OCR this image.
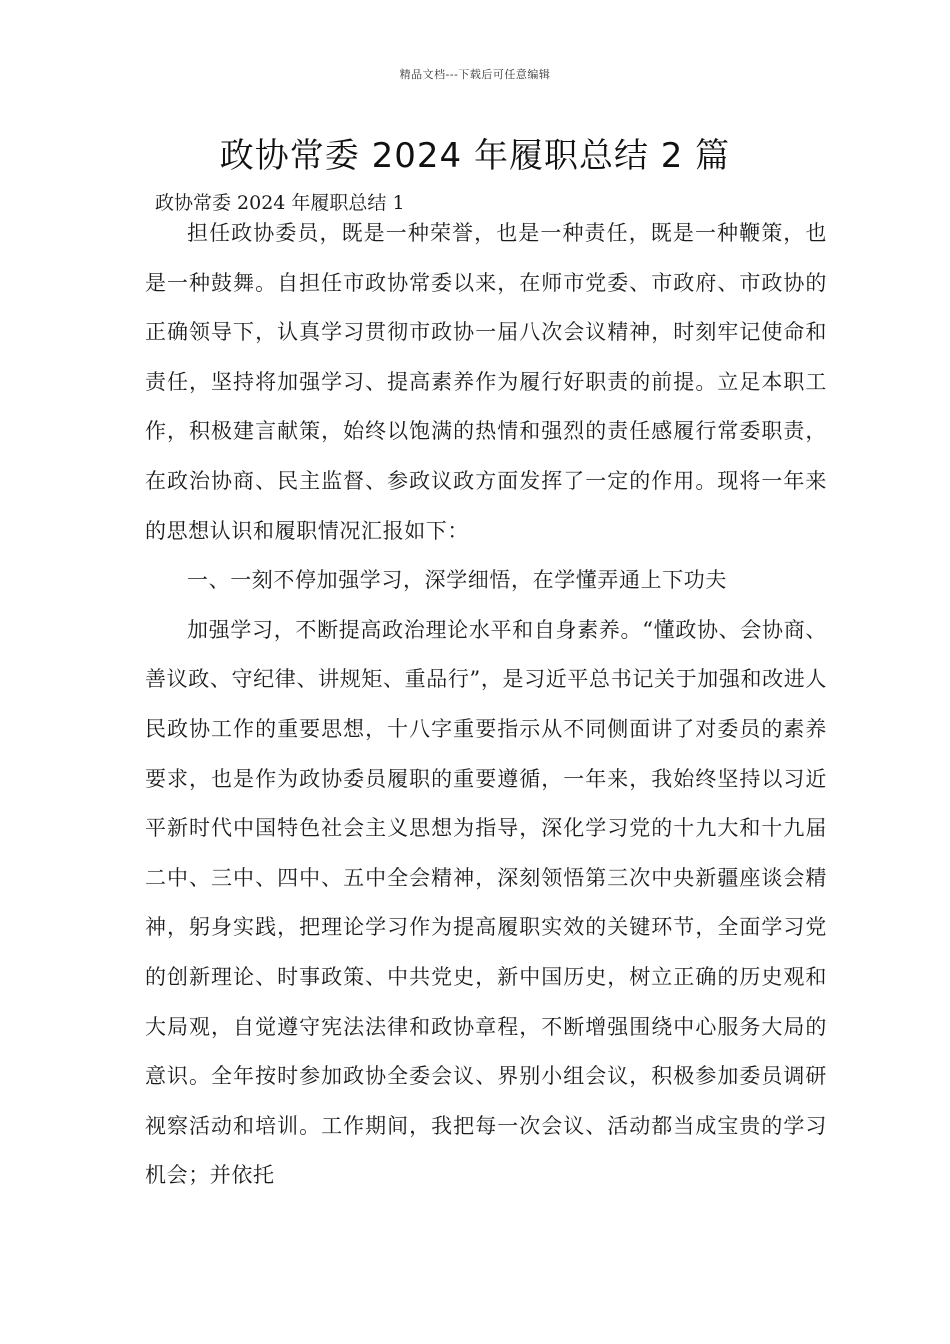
精品文档---下载后可任意编辑
政协常委 2024 年履职总结 2 篇
政协常委 2024 年履职总结 1

担任政协委员，既是一种荣誉，也是一种责任，既是一种鞭策，也是一种鼓舞。自担任市政协常委以来，在师市党委、市政府、市政协的正确领导下，认真学习贯彻市政协一届八次会议精神，时刻牢记使命和责任，坚持将加强学习、提高素养作为履行好职责的前提。立足本职工作，积极建言献策，始终以饱满的热情和强烈的责任感履行常委职责，在政治协商、民主监督、参政议政方面发挥了一定的作用。现将一年来的思想认识和履职情况汇报如下：

一、一刻不停加强学习，深学细悟，在学懂弄通上下功夫

加强学习，不断提高政治理论水平和自身素养。“懂政协、会协商、善议政、守纪律、讲规矩、重品行”，是习近平总书记关于加强和改进人民政协工作的重要思想，十八字重要指示从不同侧面讲了对委员的素养要求，也是作为政协委员履职的重要遵循，一年来，我始终坚持以习近平新时代中国特色社会主义思想为指导，深化学习党的十九大和十九届二中、三中、四中、五中全会精神，深刻领悟第三次中央新疆座谈会精神，躬身实践，把理论学习作为提高履职实效的关键环节，全面学习党的创新理论、时事政策、中共党史，新中国历史，树立正确的历史观和大局观，自觉遵守宪法法律和政协章程，不断增强围绕中心服务大局的意识。全年按时参加政协全委会议、界别小组会议，积极参加委员调研视察活动和培训。工作期间，我把每一次会议、活动都当成宝贵的学习机会；并依托
